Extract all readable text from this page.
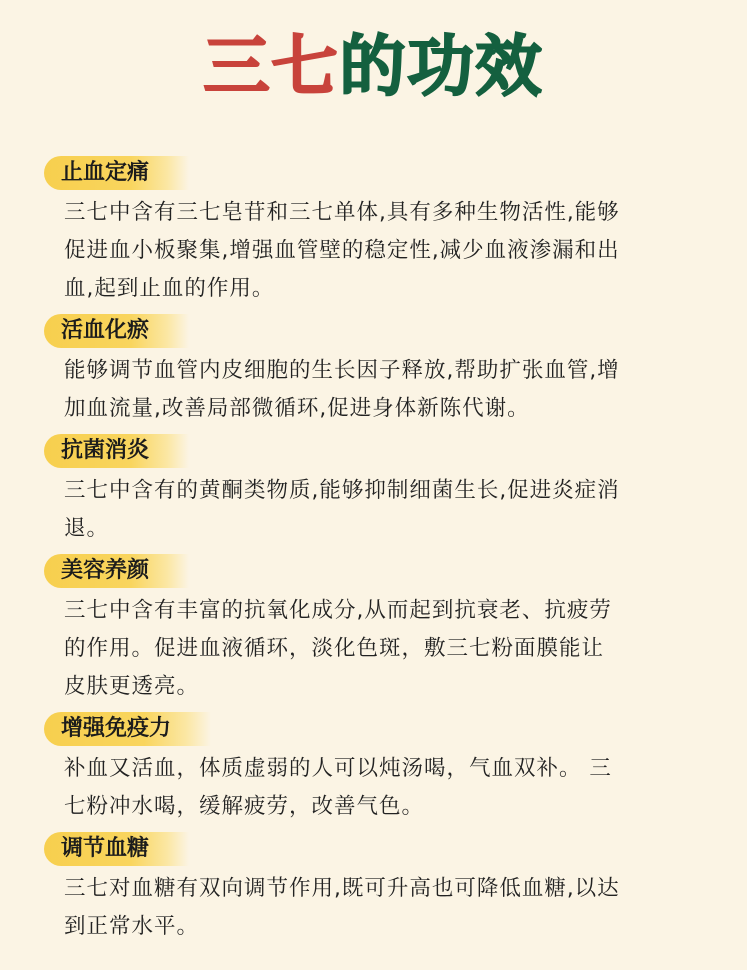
三七的功效
止血定痛
三七中含有三七皂苷和三七单体,具有多种生物活性,能够
促进血小板聚集,增强血管壁的稳定性,减少血液渗漏和出
血,起到止血的作用。
活血化瘀
能够调节血管内皮细胞的生长因子释放,帮助扩张血管,增
加血流量,改善局部微循环,促进身体新陈代谢。
抗菌消炎
三七中含有的黄酮类物质,能够抑制细菌生长,促进炎症消
退。
美容养颜
三七中含有丰富的抗氧化成分,从而起到抗衰老、抗疲劳
的作用。促进血液循环，淡化色斑，敷三七粉面膜能让
皮肤更透亮。
增强免疫力
补血又活血，体质虚弱的人可以炖汤喝，气血双补。 三
七粉冲水喝，缓解疲劳，改善气色。
调节血糖
三七对血糖有双向调节作用,既可升高也可降低血糖,以达
到正常水平。
